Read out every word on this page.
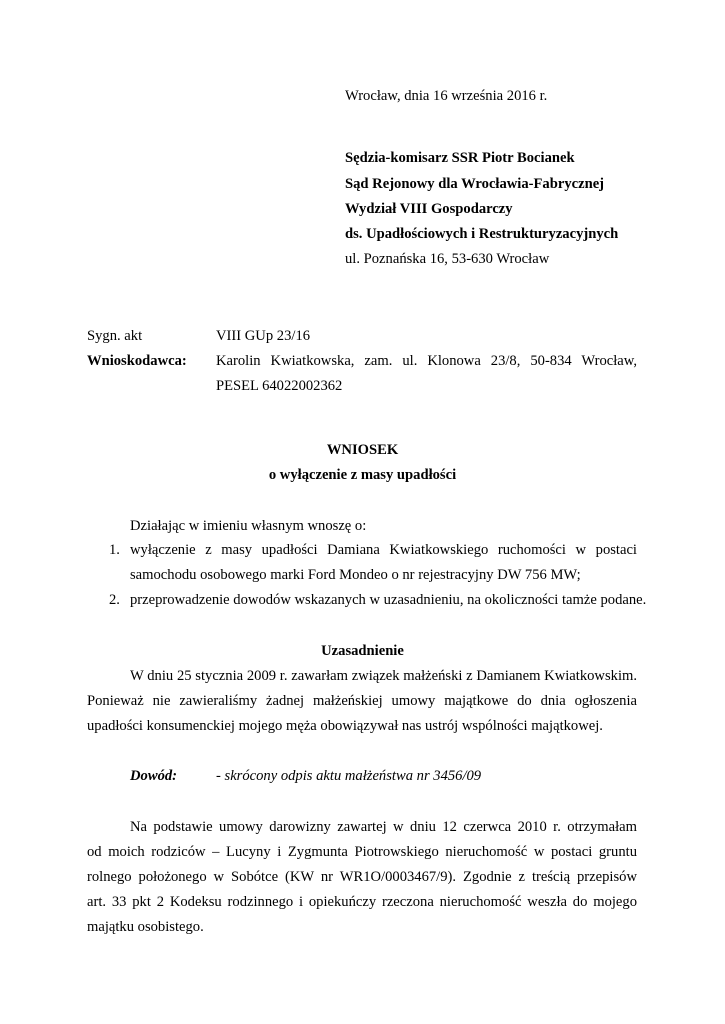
Wrocław, dnia 16 września 2016 r.
Sędzia-komisarz SSR Piotr Bocianek
Sąd Rejonowy dla Wrocławia-Fabrycznej
Wydział VIII Gospodarczy
ds. Upadłościowych i Restrukturyzacyjnych
ul. Poznańska 16, 53-630 Wrocław
Sygn. akt	VIII GUp 23/16
Wnioskodawca: Karolin Kwiatkowska, zam. ul. Klonowa 23/8, 50-834 Wrocław,
PESEL 64022002362
WNIOSEK
o wyłączenie z masy upadłości
Działając w imieniu własnym wnoszę o:
1. wyłączenie z masy upadłości Damiana Kwiatkowskiego ruchomości w postaci
samochodu osobowego marki Ford Mondeo o nr rejestracyjny DW 756 MW;
2. przeprowadzenie dowodów wskazanych w uzasadnieniu, na okoliczności tamże podane.
Uzasadnienie
W dniu 25 stycznia 2009 r. zawarłam związek małżeński z Damianem Kwiatkowskim.
Ponieważ nie zawieraliśmy żadnej małżeńskiej umowy majątkowe do dnia ogłoszenia
upadłości konsumenckiej mojego męża obowiązywał nas ustrój wspólności majątkowej.
Dowód:	- skrócony odpis aktu małżeństwa nr 3456/09
Na podstawie umowy darowizny zawartej w dniu 12 czerwca 2010 r. otrzymałam
od moich rodziców – Lucyny i Zygmunta Piotrowskiego nieruchomość w postaci gruntu
rolnego położonego w Sobótce (KW nr WR1O/0003467/9). Zgodnie z treścią przepisów
art. 33 pkt 2 Kodeksu rodzinnego i opiekuńczy rzeczona nieruchomość weszła do mojego
majątku osobistego.
